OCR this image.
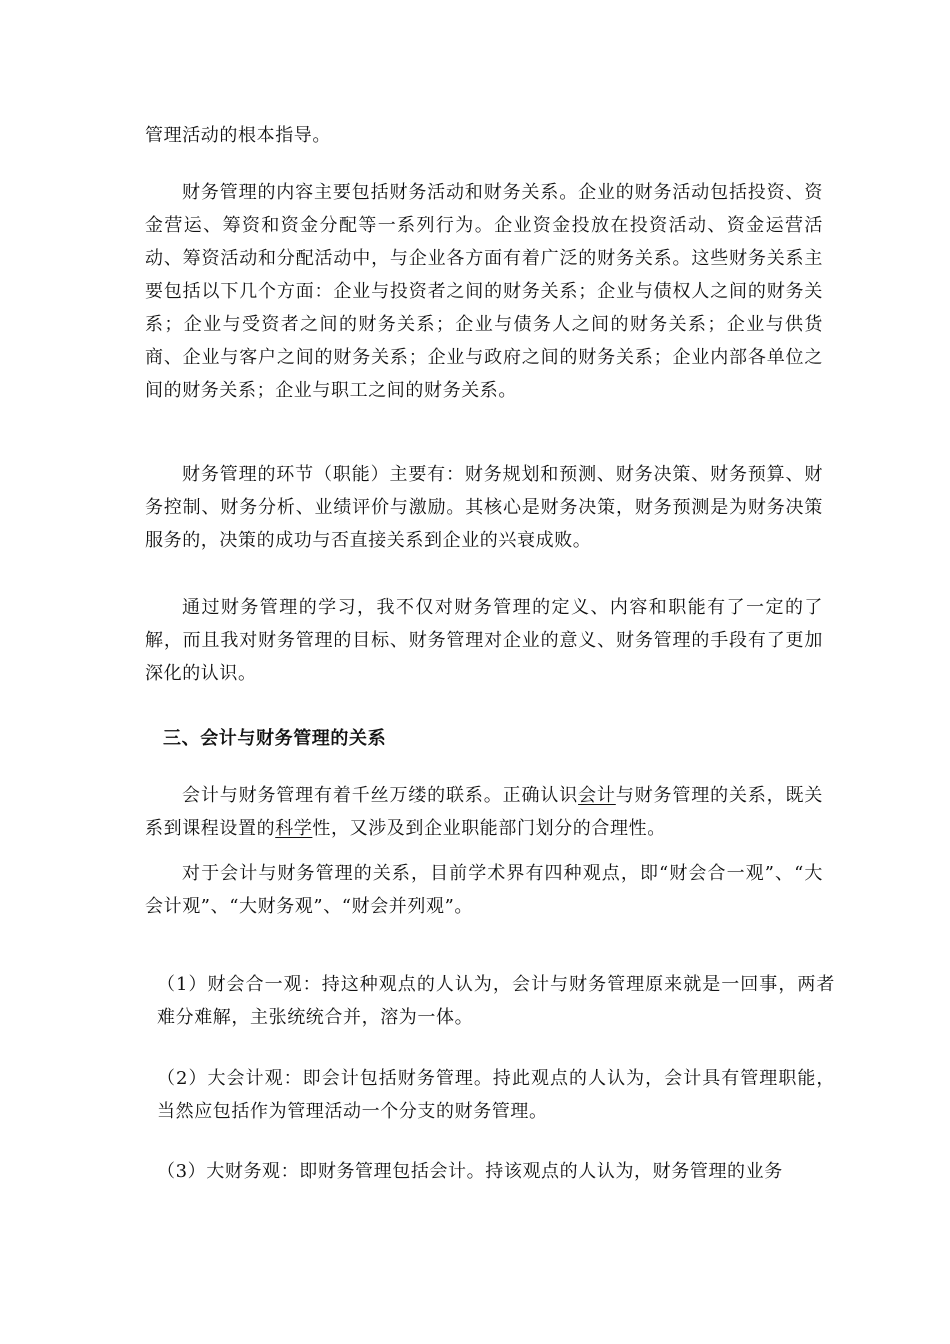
管理活动的根本指导。

财务管理的内容主要包括财务活动和财务关系。企业的财务活动包括投资、资金营运、筹资和资金分配等一系列行为。企业资金投放在投资活动、资金运营活动、筹资活动和分配活动中，与企业各方面有着广泛的财务关系。这些财务关系主要包括以下几个方面：企业与投资者之间的财务关系；企业与债权人之间的财务关系；企业与受资者之间的财务关系；企业与债务人之间的财务关系；企业与供货商、企业与客户之间的财务关系；企业与政府之间的财务关系；企业内部各单位之间的财务关系；企业与职工之间的财务关系。

财务管理的环节（职能）主要有：财务规划和预测、财务决策、财务预算、财务控制、财务分析、业绩评价与激励。其核心是财务决策，财务预测是为财务决策服务的，决策的成功与否直接关系到企业的兴衰成败。

通过财务管理的学习，我不仅对财务管理的定义、内容和职能有了一定的了解，而且我对财务管理的目标、财务管理对企业的意义、财务管理的手段有了更加深化的认识。

三、会计与财务管理的关系

会计与财务管理有着千丝万缕的联系。正确认识会计与财务管理的关系，既关系到课程设置的科学性，又涉及到企业职能部门划分的合理性。

对于会计与财务管理的关系，目前学术界有四种观点，即“财会合一观”、“大会计观”、“大财务观”、“财会并列观”。

（1）财会合一观：持这种观点的人认为，会计与财务管理原来就是一回事，两者难分难解，主张统统合并，溶为一体。

（2）大会计观：即会计包括财务管理。持此观点的人认为，会计具有管理职能，当然应包括作为管理活动一个分支的财务管理。

（3）大财务观：即财务管理包括会计。持该观点的人认为，财务管理的业务
